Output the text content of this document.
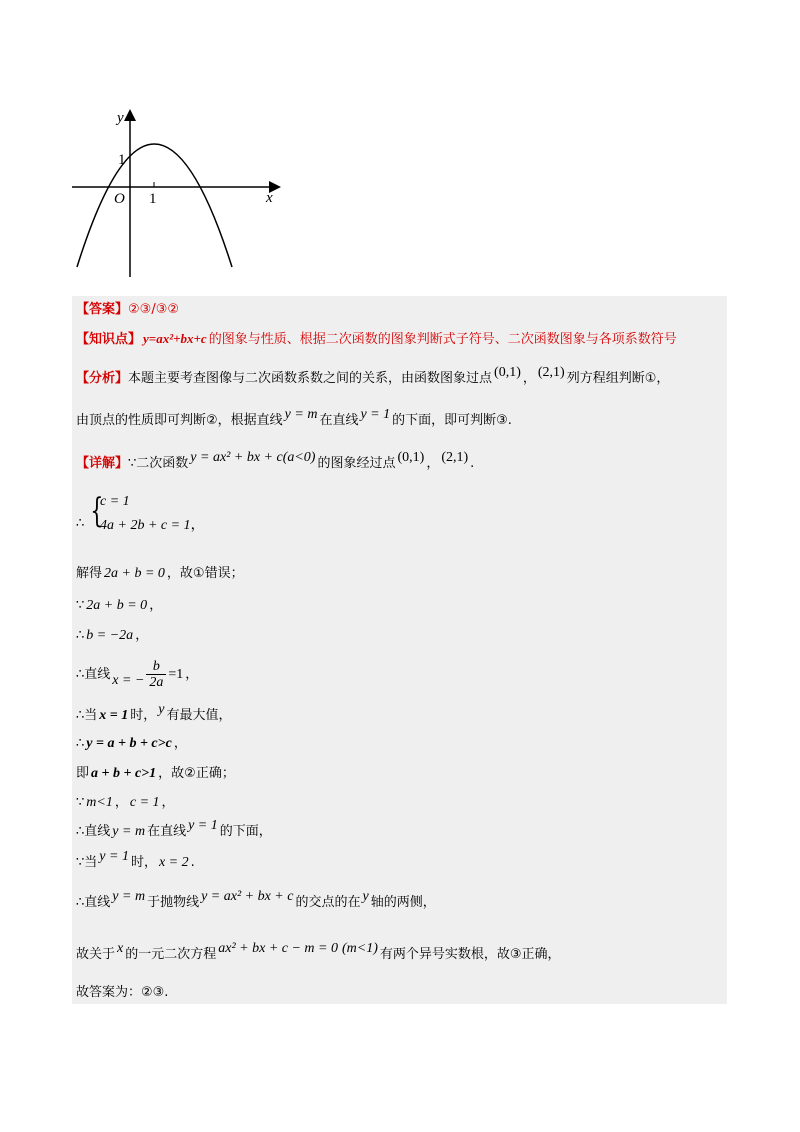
y
x
O
1
1
【答案】②③/③②
【知识点】 y=ax²+bx+c 的图象与性质、根据二次函数的图象判断式子符号、二次函数图象与各项系数符号
【分析】本题主要考查图像与二次函数系数之间的关系，由函数图象过点 (0,1) ， (2,1) 列方程组判断①，
由顶点的性质即可判断②，根据直线 y = m 在直线 y = 1 的下面，即可判断③.
【详解】∵二次函数 y = ax² + bx + c(a<0) 的图象经过点 (0,1) ， (2,1) .
{
c = 1
4a + 2b + c = 1，
∴
解得 2a + b = 0 ，故①错误；
∵ 2a + b = 0 ，
∴ b = −2a ，
∴直线 x = − $\frac{b}{2a} =1$ ，
∴当 x = 1 时， y 有最大值，
∴ y = a + b + c>c ，
即 a + b + c>1 ，故②正确；
∵ m<1 ， c = 1 ，
∴直线 y = m 在直线 y = 1 的下面，
∵当 y = 1 时， x = 2 .
∴直线 y = m 于抛物线 y = ax² + bx + c 的交点的在 y 轴的两侧，
故关于 x 的一元二次方程 ax² + bx + c − m = 0 (m<1) 有两个异号实数根，故③正确，
故答案为：②③.
